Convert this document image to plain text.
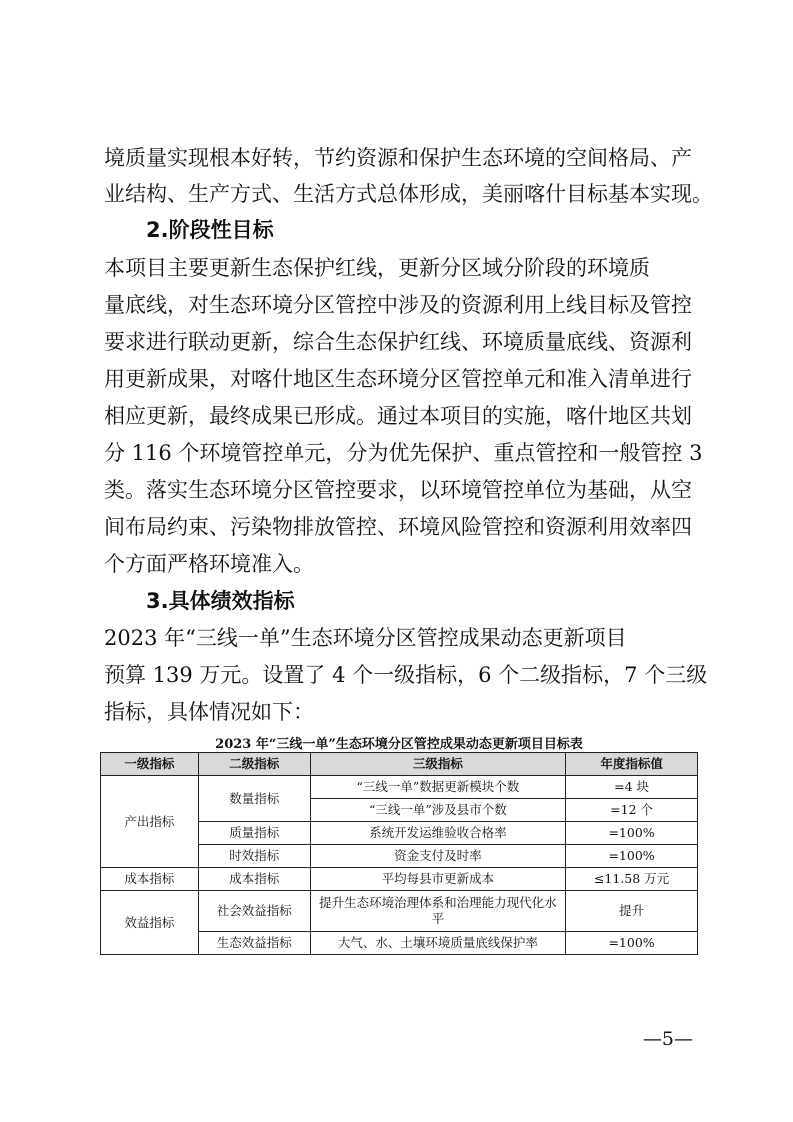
境质量实现根本好转，节约资源和保护生态环境的空间格局、产
业结构、生产方式、生活方式总体形成，美丽喀什目标基本实现。
2.阶段性目标
本项目主要更新生态保护红线，更新分区域分阶段的环境质
量底线，对生态环境分区管控中涉及的资源利用上线目标及管控
要求进行联动更新，综合生态保护红线、环境质量底线、资源利
用更新成果，对喀什地区生态环境分区管控单元和准入清单进行
相应更新，最终成果已形成。通过本项目的实施，喀什地区共划
分 116 个环境管控单元，分为优先保护、重点管控和一般管控 3
类。落实生态环境分区管控要求，以环境管控单位为基础，从空
间布局约束、污染物排放管控、环境风险管控和资源利用效率四
个方面严格环境准入。
3.具体绩效指标
2023 年“三线一单”生态环境分区管控成果动态更新项目
预算 139 万元。设置了 4 个一级指标，6 个二级指标，7 个三级
指标，具体情况如下：
2023 年“三线一单”生态环境分区管控成果动态更新项目目标表
一级指标	二级指标	三级指标	年度指标值
产出指标	数量指标	“三线一单”数据更新模块个数	=4 块
		“三线一单”涉及县市个数	=12 个
	质量指标	系统开发运维验收合格率	=100%
	时效指标	资金支付及时率	=100%
成本指标	成本指标	平均每县市更新成本	≤11.58 万元
效益指标	社会效益指标	提升生态环境治理体系和治理能力现代化水平	提升
	生态效益指标	大气、水、土壤环境质量底线保护率	=100%
—5—
